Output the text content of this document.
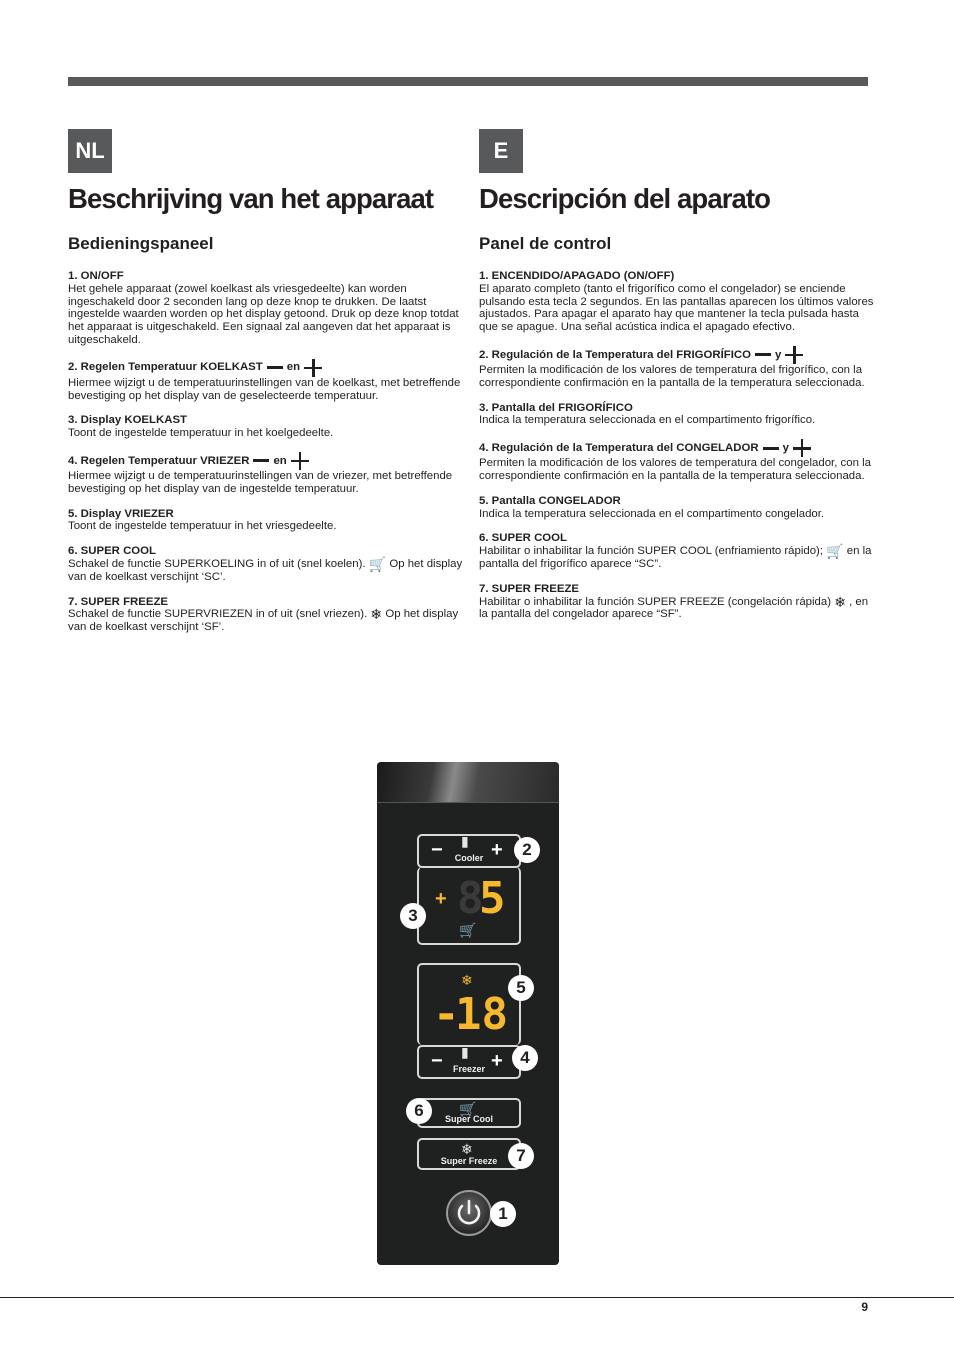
NL	E
Beschrijving van het apparaat
Bedieningspaneel
1. ON/OFF
Het gehele apparaat (zowel koelkast als vriesgedeelte) kan worden ingeschakeld door 2 seconden lang op deze knop te drukken. De laatst ingestelde waarden worden op het display getoond. Druk op deze knop totdat het apparaat is uitgeschakeld. Een signaal zal aangeven dat het apparaat is uitgeschakeld.
2. Regelen Temperatuur KOELKAST en
Hiermee wijzigt u de temperatuurinstellingen van de koelkast, met betreffende bevestiging op het display van de geselecteerde temperatuur.
3. Display KOELKAST
Toont de ingestelde temperatuur in het koelgedeelte.
4. Regelen Temperatuur VRIEZER en
Hiermee wijzigt u de temperatuurinstellingen van de vriezer, met betreffende bevestiging op het display van de ingestelde temperatuur.
5. Display VRIEZER
Toont de ingestelde temperatuur in het vriesgedeelte.
6. SUPER COOL
Schakel de functie SUPERKOELING in of uit (snel koelen). 🛒 Op het display van de koelkast verschijnt ‘SC’.
7. SUPER FREEZE
Schakel de functie SUPERVRIEZEN in of uit (snel vriezen). ❄ Op het display van de koelkast verschijnt ‘SF’.
Descripción del aparato
Panel de control
1. ENCENDIDO/APAGADO (ON/OFF)
El aparato completo (tanto el frigorífico como el congelador) se enciende pulsando esta tecla 2 segundos. En las pantallas aparecen los últimos valores ajustados. Para apagar el aparato hay que mantener la tecla pulsada hasta que se apague. Una señal acústica indica el apagado efectivo.
2. Regulación de la Temperatura del FRIGORÍFICO y
Permiten la modificación de los valores de temperatura del frigorífico, con la correspondiente confirmación en la pantalla de la temperatura seleccionada.
3. Pantalla del FRIGORÍFICO
Indica la temperatura seleccionada en el compartimento frigorífico.
4. Regulación de la Temperatura del CONGELADOR y
Permiten la modificación de los valores de temperatura del congelador, con la correspondiente confirmación en la pantalla de la temperatura seleccionada.
5. Pantalla CONGELADOR
Indica la temperatura seleccionada en el compartimento congelador.
6. SUPER COOL
Habilitar o inhabilitar la función SUPER COOL (enfriamiento rápido); 🛒 en la pantalla del frigorífico aparece “SC”.
7. SUPER FREEZE
Habilitar o inhabilitar la función SUPER FREEZE (congelación rápida) ❄ , en la pantalla del congelador aparece “SF”.
− ▮ +
Cooler
+ 8
5
🛒
❄
-
18
− ▮ +
Freezer
🛒
Super Cool
❄
Super Freeze
2
3
5
4
6
7
1
9
